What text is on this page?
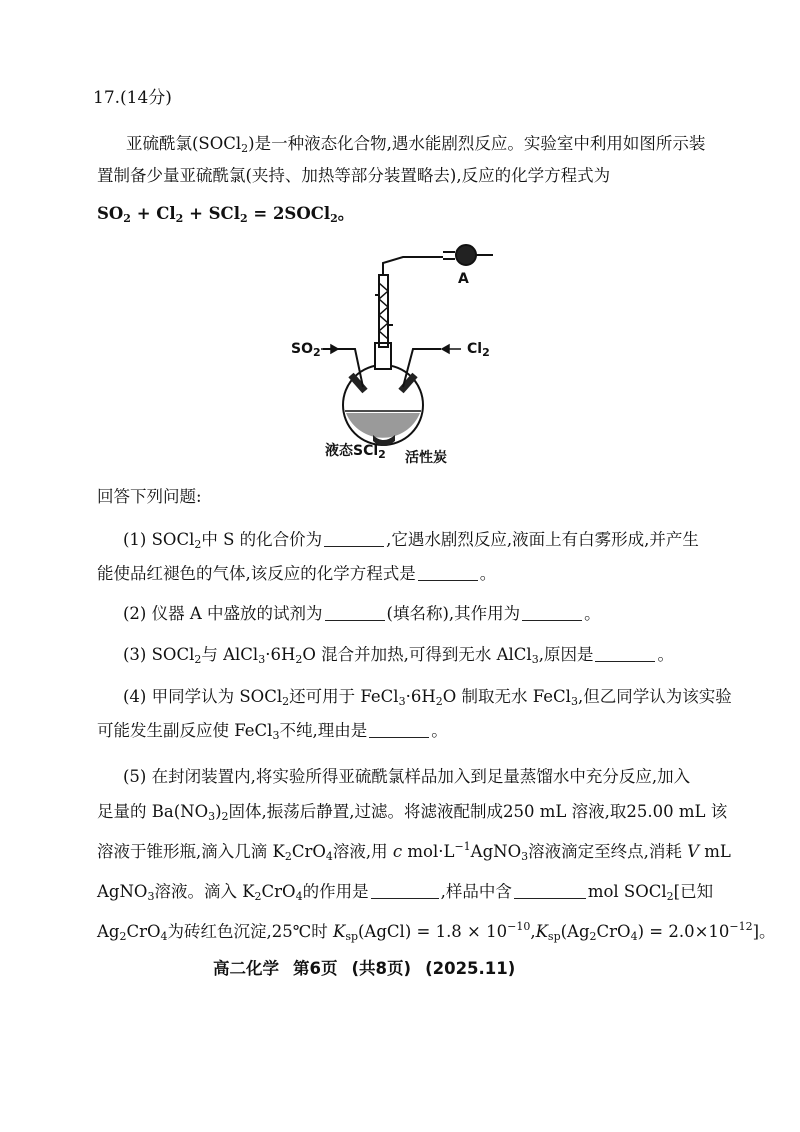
17.(14分)
亚硫酰氯(SOCl$_2$)是一种液态化合物,遇水能剧烈反应。实验室中利用如图所示装
置制备少量亚硫酰氯(夹持、加热等部分装置略去),反应的化学方程式为
$SO_2 + Cl_2 + SCl_2$ = 2SOCl$_2$。
$SO_2$	$Cl_2$
A
液态SCl$_2$ 活性炭
回答下列问题:
(1) SOCl$_2$中 S 的化合价为	,它遇水剧烈反应,液面上有白雾形成,并产生
能使品红褪色的气体,该反应的化学方程式是	。
(2) 仪器 A 中盛放的试剂为	(填名称),其作用为	。
(3) SOCl$_2$与 $AlCl_3\cdot 6H_2O$ 混合并加热,可得到无水 AlCl$_3$,原因是	。
(4) 甲同学认为 SOCl$_2$还可用于 $FeCl_3\cdot 6H_2O$ 制取无水 FeCl$_3$,但乙同学认为该实验
可能发生副反应使 FeCl$_3$不纯,理由是	。
(5) 在封闭装置内,将实验所得亚硫酰氯样品加入到足量蒸馏水中充分反应,加入
足量的 $Ba(NO_3)_2$固体,振荡后静置,过滤。将滤液配制成250 mL 溶液,取25.00 mL 该
溶液于锥形瓶,滴入几滴 $K_2CrO_4$溶液,用 c $mol\cdot L^{-1}AgNO_3$溶液滴定至终点,消耗 V mL
AgNO$_3$溶液。滴入 $K_2CrO_4$的作用是	,样品中含	mol SOCl$_2$[已知
$Ag_2CrO_4$为砖红色沉淀,25℃时 $K_{sp}(AgCl) = 1.8 \times 10^{-10},K_{sp}(Ag_2CrO_4) = 2.0\times 10^{-12}$]。
高二化学 第6页 (共8页) (2025.11)
